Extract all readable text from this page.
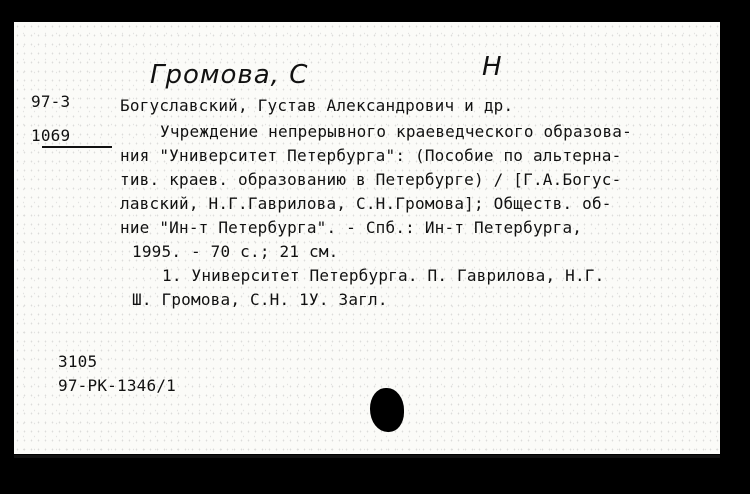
Громова, С	Н
97-3
1069
Богуславский, Густав Александрович и др.
Учреждение непрерывного краеведческого образова-
ния "Университет Петербурга": (Пособие по альтерна-
тив. краев. образованию в Петербурге) / [Г.А.Богус-
лавский, Н.Г.Гаврилова, С.Н.Громова]; Обществ. об-
ние "Ин-т Петербурга". - Спб.: Ин-т Петербурга,
1995. - 70 с.; 21 см.
1. Университет Петербурга. П. Гаврилова, Н.Г.
Ш. Громова, С.Н. 1У. Загл.
3105
97-PK-1346/1
